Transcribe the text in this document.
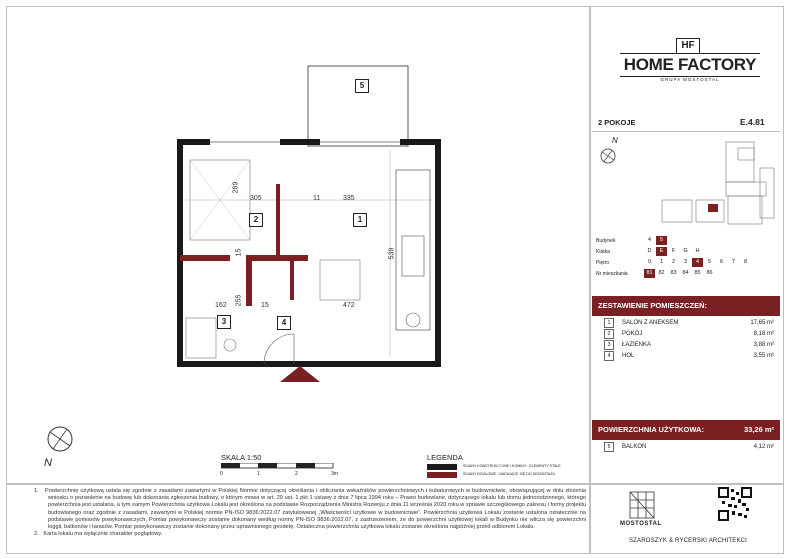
5
2	1
3	4
289
305	11	335
15	539
255
162	15	472
N	SKALA 1:50
0	1	2	3m
LEGENDA
ŚCIANY KONSTRUKCYJNE I KOMINY - ELEMENTY STAŁE
ŚCIANY DZIAŁOWE - NADAJĄCE SIĘ DO DEMONTAŻU
HF
HOME FACTORY
GRUPA MOSTOSTAL
2 POKOJE	E.4.81
N
Budynek	4	5
Klatka	D	E	F	G	H
Piętro	0	1	2	3	4	5	6	7	8
Nr mieszkania	81	82	83	84	85	86
ZESTAWIENIE POMIESZCZEŃ:
1	SALON Z ANEKSEM	17,65 m²
2	POKÓJ	8,18 m²
3	ŁAZIENKA	3,88 m²
4	HOL	3,55 m²
POWIERZCHNIA UŻYTKOWA:	33,26 m²
5	BALKON	4,12 m²

1. Powierzchnię użytkową ustala się zgodnie z zasadami zawartymi w Polskiej Normie dotyczącej określania i obliczania wskaźników powierzchniowych i kubaturowych w budownictwie, obowiązującej w dniu złożenia wniosku o pozwolenie na budowę lub dokonania zgłoszenia budowy, o którym mowa w art. 29 ust. 1 pkt 1 ustawy z dnia 7 lipca 1994 roku – Prawo budowlane, dotyczącego lokalu lub domu jednorodzinnego, którego powierzchnia jest ustalana, a tym samym Powierzchnia użytkowa Lokalu jest określona na podstawie Rozporządzenia Ministra Rozwoju z dnia 11 września 2020 roku w sprawie szczegółowego zakresu i formy projektu budowlanego oraz zgodnie z zasadami, zawartymi w Polskiej normie PN-ISO 9836:2022.07 zatytułowanej „Właściwości użytkowe w budownictwie”. Powierzchnia użytkowa Lokalu zostanie ustalona ostatecznie na podstawie pomiarów powykonawczych. Pomiar powykonawczy zostanie dokonany według normy PN-ISO 9836:2022.07, z zastrzeżeniem, że do powierzchni użytkowej lokali w Budynku nie wlicza się powierzchni loggii, balkonów i tarasów. Pomiar powykonawczy zostanie dokonany przez uprawnionego geodetę. Ostateczna powierzchnia użytkowa lokalu zostanie określona najpóźniej przed odbiorem Lokalu.

2. Karta lokalu ma wyłącznie charakter poglądowy.

MOSTOSTAL
SZAROSZYK & RYCERSKI ARCHITEKCI
